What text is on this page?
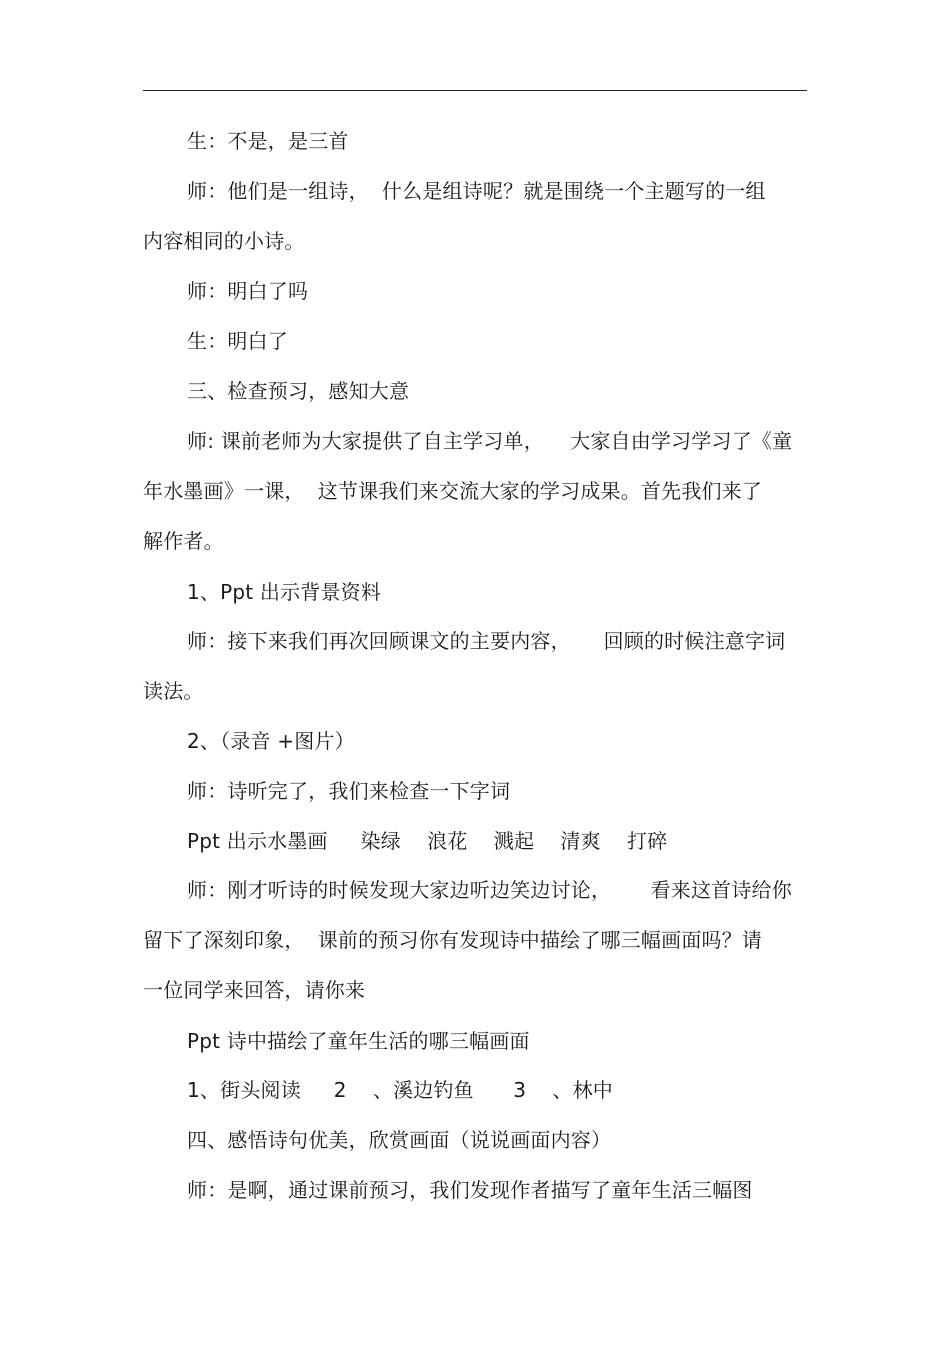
生：不是，是三首
师：他们是一组诗，  什么是组诗呢？就是围绕一个主题写的一组
内容相同的小诗。
师：明白了吗
生：明白了
三、检查预习，感知大意
师: 课前老师为大家提供了自主学习单，    大家自由学习学习了《童
年水墨画》一课，  这节课我们来交流大家的学习成果。首先我们来了
解作者。
1、Ppt 出示背景资料
师：接下来我们再次回顾课文的主要内容，     回顾的时候注意字词
读法。
2、（录音 +图片）
师：诗听完了，我们来检查一下字词
Ppt 出示水墨画     染绿    浪花    溅起    清爽    打碎
师：刚才听诗的时候发现大家边听边笑边讨论，      看来这首诗给你
留下了深刻印象，  课前的预习你有发现诗中描绘了哪三幅画面吗？请
一位同学来回答，请你来
Ppt 诗中描绘了童年生活的哪三幅画面
1、街头阅读     2    、溪边钓鱼      3    、林中
四、感悟诗句优美，欣赏画面（说说画面内容）
师：是啊，通过课前预习，我们发现作者描写了童年生活三幅图
